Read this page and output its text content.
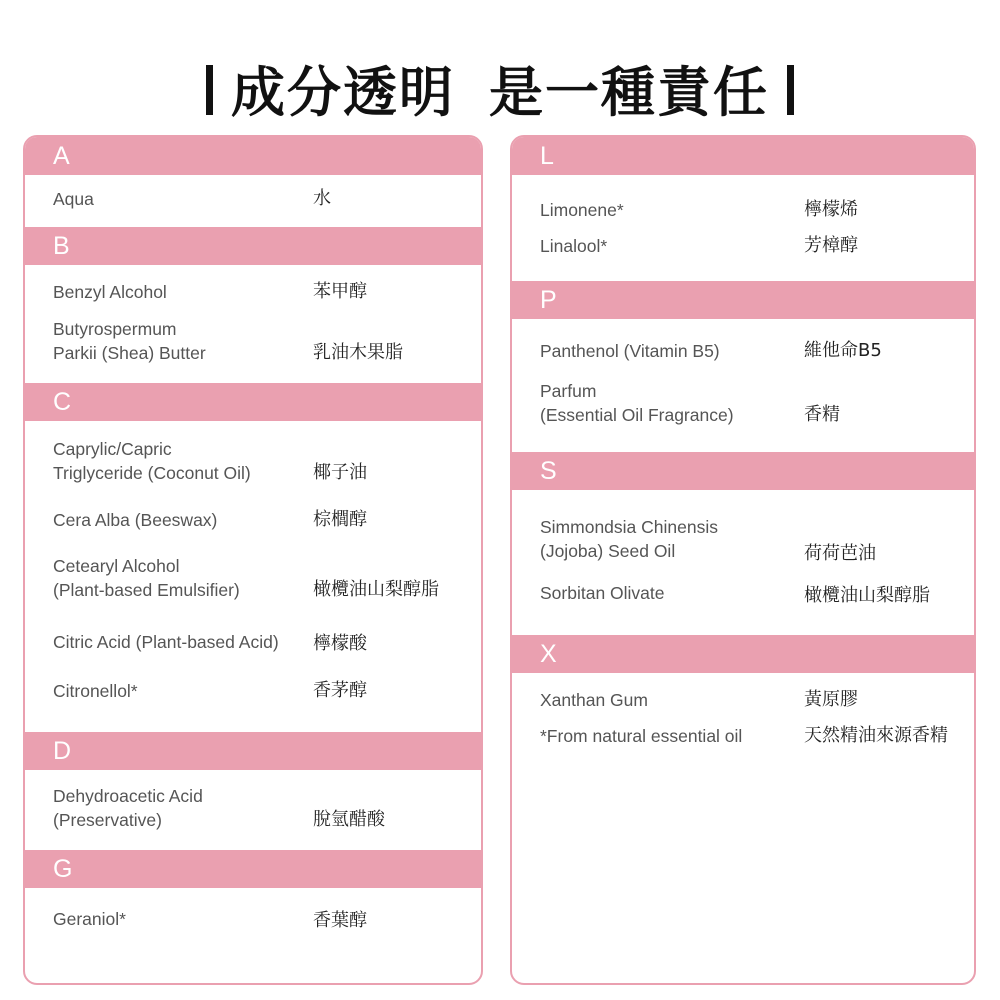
成分透明 是一種責任
A
Aqua	水
B
Benzyl Alcohol	苯甲醇
Butyrospermum
Parkii (Shea) Butter	乳油木果脂
C
Caprylic/Capric
Triglyceride (Coconut Oil)	椰子油
Cera Alba (Beeswax)	棕櫚醇
Cetearyl Alcohol
(Plant-based Emulsifier)	橄欖油山梨醇脂
Citric Acid (Plant-based Acid) 檸檬酸
Citronellol*	香茅醇
D
Dehydroacetic Acid
(Preservative)	脫氫醋酸
G
Geraniol*	香葉醇
L
Limonene*	檸檬烯
Linalool*	芳樟醇
P
Panthenol (Vitamin B5)	維他命B5
Parfum
(Essential Oil Fragrance)	香精
S
Simmondsia Chinensis
(Jojoba) Seed Oil	荷荷芭油
Sorbitan Olivate	橄欖油山梨醇脂
X
Xanthan Gum	黃原膠
*From natural essential oil	天然精油來源香精
